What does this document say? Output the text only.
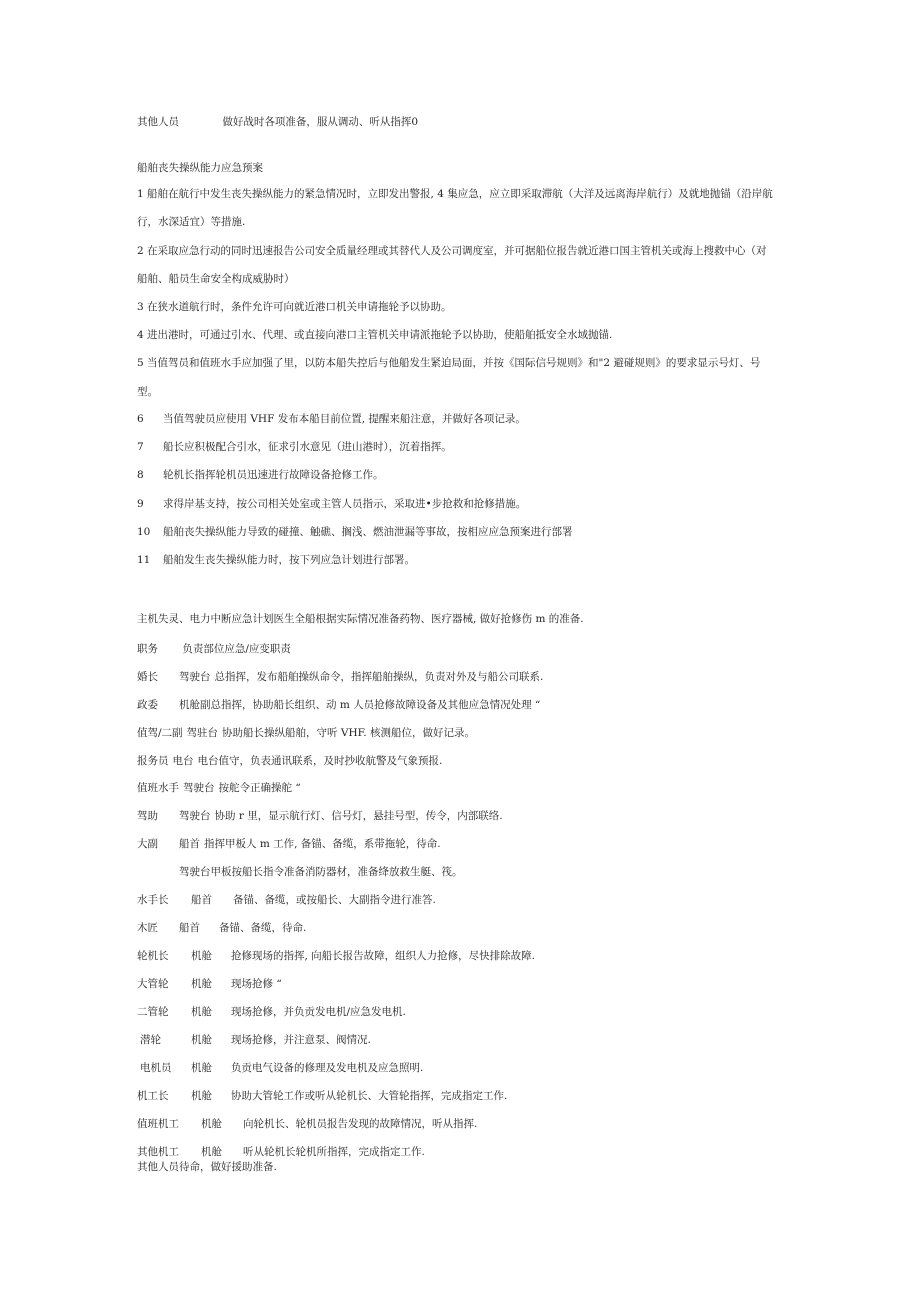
其他人员	做好战时各项准备，服从调动、听从指挥0
船舶丧失操纵能力应急预案
1 船舶在航行中发生丧失操纵能力的紧急情况时，立即发出警报, 4 集应急，应立即采取滞航（大洋及远离海岸航行）及就地抛锚（沿岸航
行，水深适宜）等措施.
2 在采取应急行动的同时迅速报告公司安全质量经理或其替代人及公司调度室，并可据船位报告就近港口国主管机关或海上搜救中心（对
船舶、船员生命安全构成威胁时）
3 在狭水道航行时，条件允许可向就近港口机关申请拖轮予以协助。
4 进出港时，可通过引水、代理、或直接向港口主管机关申请派拖轮予以协助，使船舶抵安全水域抛锚.
5 当值驾员和值班水手应加强了里，以防本船失控后与他船发生紧迫局面，并按《国际信号规则》和"2 避碰规则》的要求显示号灯、号
型。
6 当值驾驶员应使用 VHF 发布本船目前位置, 提醒来船注意，并做好各项记录。
7 船长应积极配合引水，征求引水意见（进山港时），沉着指挥。
8 轮机长指挥轮机员迅速进行故障设备抢修工作。
9 求得岸基支持，按公司相关处室或主管人员指示，采取进•步抢救和抢修措施。
10 船舶丧失操纵能力导致的碰撞、触礁、搁浅、燃油泄漏等事故，按相应应急预案进行部署
11 船舶发生丧失操纵能力时，按下列应急计划进行部署。
主机失灵、电力中断应急计划医生全船根据实际情况准备药物、医疗器械, 做好抢修伤 m 的准备.
职务 负责部位应急/应变职责
婚长 驾驶台 总指挥，发布船舶操纵命令，指挥船舶操纵，负责对外及与船公司联系.
政委 机舱副总指挥，协助船长组织、动 m 人员抢修故障设备及其他应急情况处理 “
值驾/二副 驾驻台 协助船长操纵船舶，守听 VHF. 核测船位，做好记录。
报务员 电台 电台值守，负表通讯联系，及时抄收航警及气象预报.
值班水手 驾驶台 按舵令正确操舵 “
驾助 驾驶台 协助 r 里，显示航行灯、信号灯，悬挂号型，传令，内部联络.
大副 船首 指挥甲板人 m 工作, 备锚、备缆，系带拖轮，待命.
驾驶台甲板按船长指令准备消防器材，准备绛放救生艇、筏。
水手长 船首 备锚、备缆，或按船长、大副指令进行准答.
木匠 船首 备锚、备缆，待命.
轮机长 机舱 抢修现场的指挥, 向船长报告故障，组织人力抢修，尽快排除故障.
大管轮 机舱 现场抢修 “
二管轮 机舱 现场抢修，并负贡发电机/应急发电机.
潜轮	机舱 现场抢修，并注意泵、阀情况.
电机员 机舱 负贡电气设备的修理及发电机及应急照明.
机工长 机舱 协助大管轮工作或听从轮机长、大管轮指挥，完成指定工作.
值班机工 机舱 向轮机长、轮机员报告发现的故障情况，听从指挥.
其他机工 机舱 听从轮机长轮机所指挥，完成指定工作.
其他人员待命，做好援助准备.
